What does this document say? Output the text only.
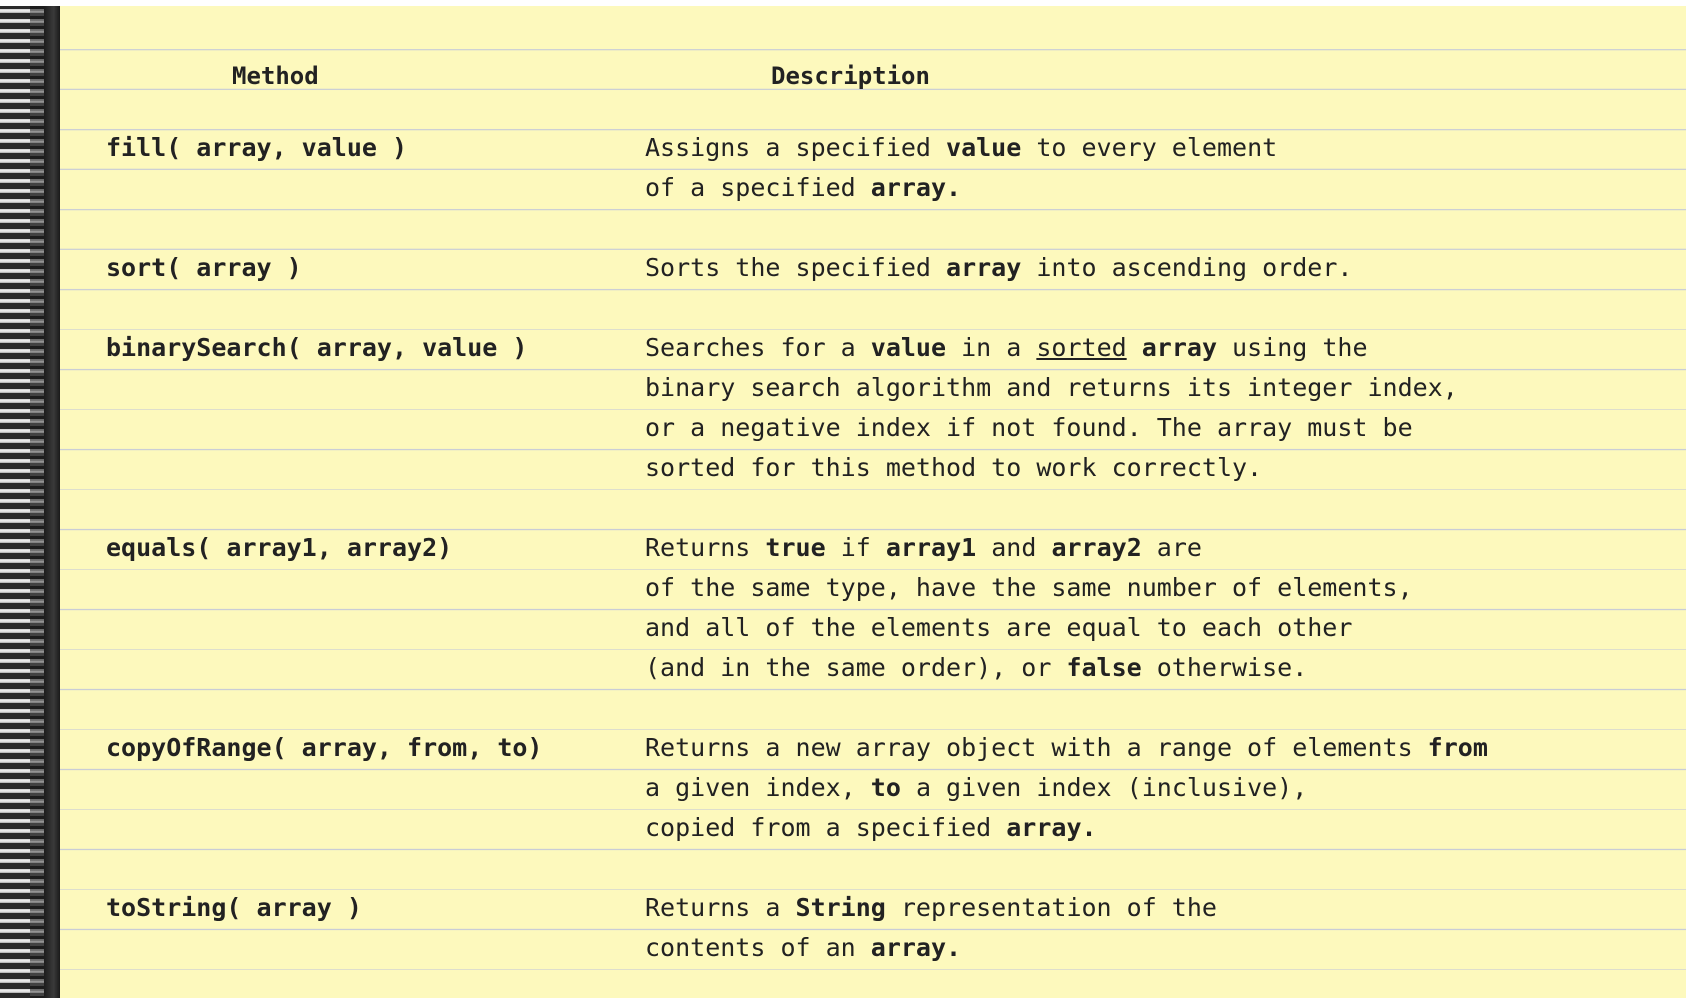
Method	Description
fill( array, value )	Assigns a specified value to every element
of a specified array.
sort( array )	Sorts the specified array into ascending order.
binarySearch( array, value )	Searches for a value in a sorted array using the
binary search algorithm and returns its integer index,
or a negative index if not found. The array must be
sorted for this method to work correctly.
equals( array1, array2)	Returns true if array1 and array2 are
of the same type, have the same number of elements,
and all of the elements are equal to each other
(and in the same order), or false otherwise.
copyOfRange( array, from, to)	Returns a new array object with a range of elements from
a given index, to a given index (inclusive),
copied from a specified array.
toString( array )	Returns a String representation of the
contents of an array.
